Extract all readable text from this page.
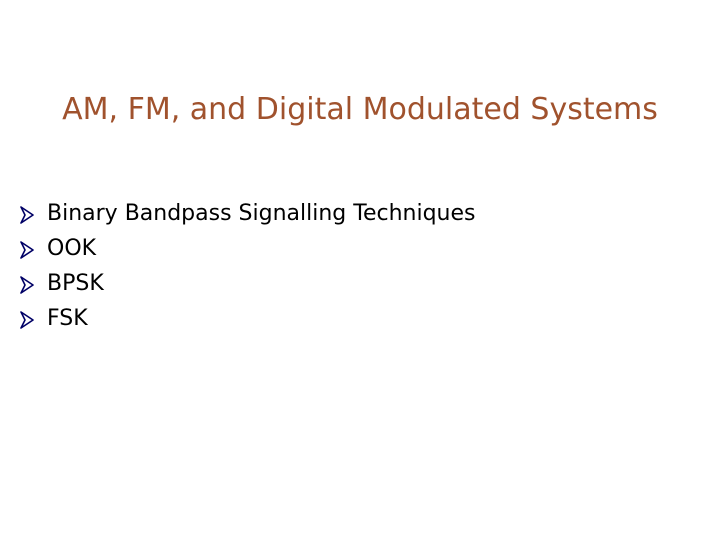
AM, FM, and Digital Modulated Systems
Binary Bandpass Signalling Techniques
OOK
BPSK
FSK
